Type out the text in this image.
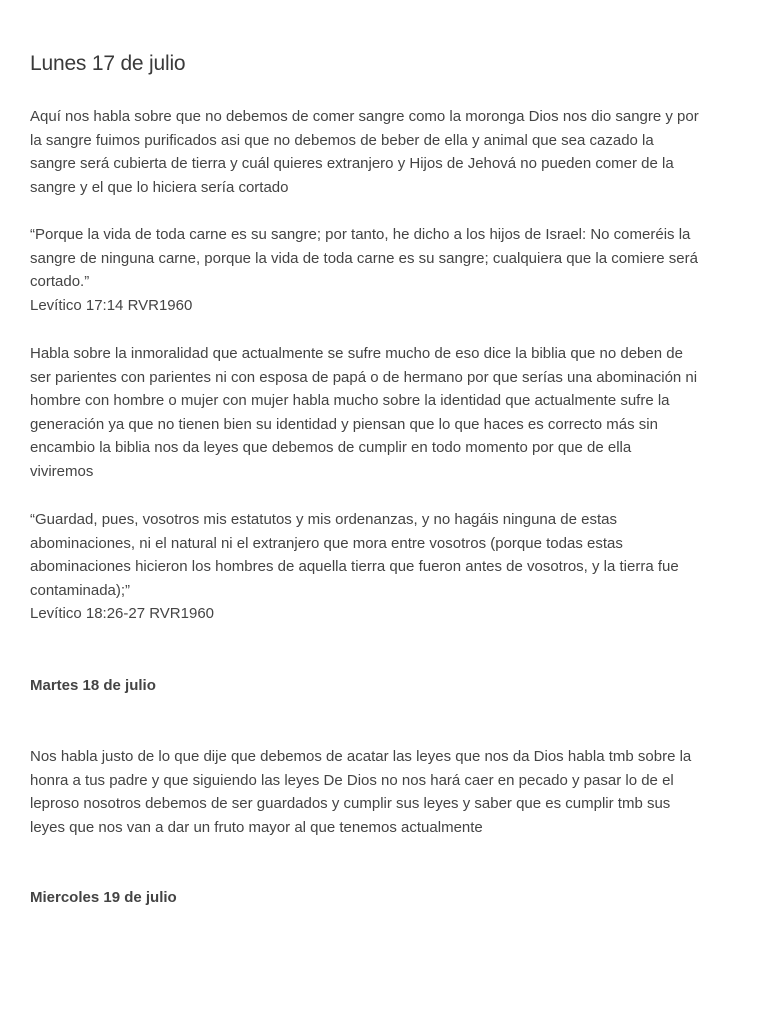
Lunes 17 de julio

Aquí nos habla sobre que no debemos de comer sangre como la moronga Dios nos dio sangre y por
la sangre fuimos purificados asi que no debemos de beber de ella y animal que sea cazado la
sangre será cubierta de tierra y cuál quieres extranjero y Hijos de Jehová no pueden comer de la
sangre y el que lo hiciera sería cortado

“Porque la vida de toda carne es su sangre; por tanto, he dicho a los hijos de Israel: No comeréis la
sangre de ninguna carne, porque la vida de toda carne es su sangre; cualquiera que la comiere será
cortado.”
Levítico 17:14 RVR1960

Habla sobre la inmoralidad que actualmente se sufre mucho de eso dice la biblia que no deben de
ser parientes con parientes ni con esposa de papá o de hermano por que serías una abominación ni
hombre con hombre o mujer con mujer habla mucho sobre la identidad que actualmente sufre la
generación ya que no tienen bien su identidad y piensan que lo que haces es correcto más sin
encambio la biblia nos da leyes que debemos de cumplir en todo momento por que de ella
viviremos

“Guardad, pues, vosotros mis estatutos y mis ordenanzas, y no hagáis ninguna de estas
abominaciones, ni el natural ni el extranjero que mora entre vosotros (porque todas estas
abominaciones hicieron los hombres de aquella tierra que fueron antes de vosotros, y la tierra fue
contaminada);”
Levítico 18:26-27 RVR1960

Martes 18 de julio

Nos habla justo de lo que dije que debemos de acatar las leyes que nos da Dios habla tmb sobre la
honra a tus padre y que siguiendo las leyes De Dios no nos hará caer en pecado y pasar lo de el
leproso nosotros debemos de ser guardados y cumplir sus leyes y saber que es cumplir tmb sus
leyes que nos van a dar un fruto mayor al que tenemos actualmente

Miercoles 19 de julio
